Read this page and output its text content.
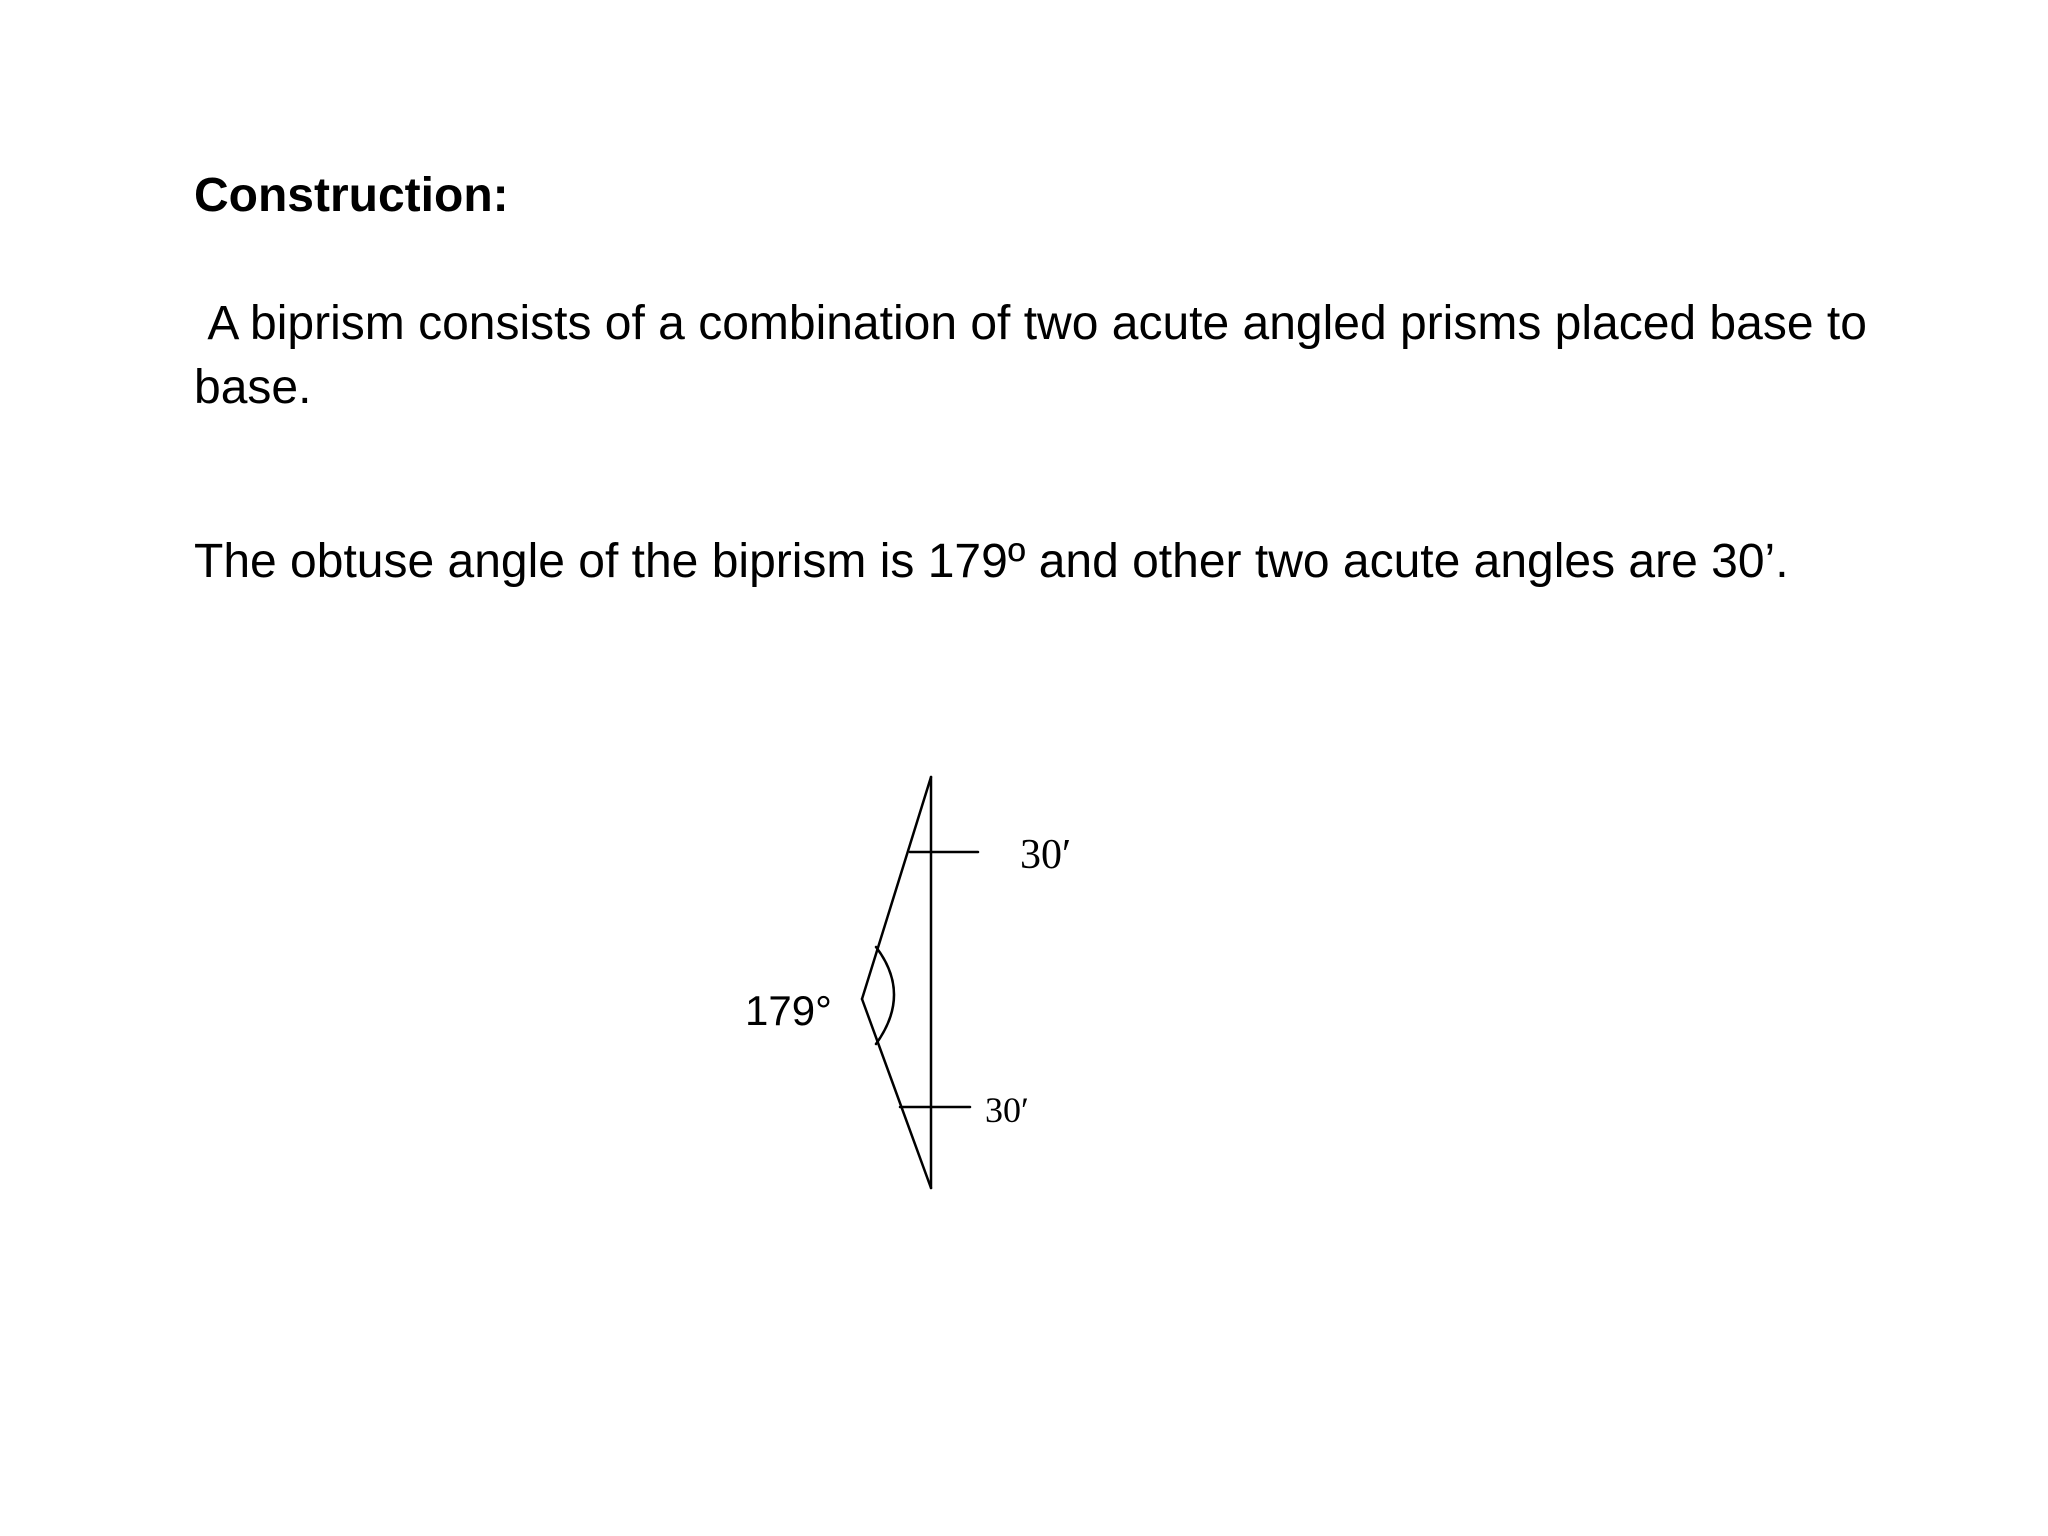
Construction:
A biprism consists of a combination of two acute angled prisms placed base to base.
The obtuse angle of the biprism is 179º and other two acute angles are 30’.
179°
30′
30′
